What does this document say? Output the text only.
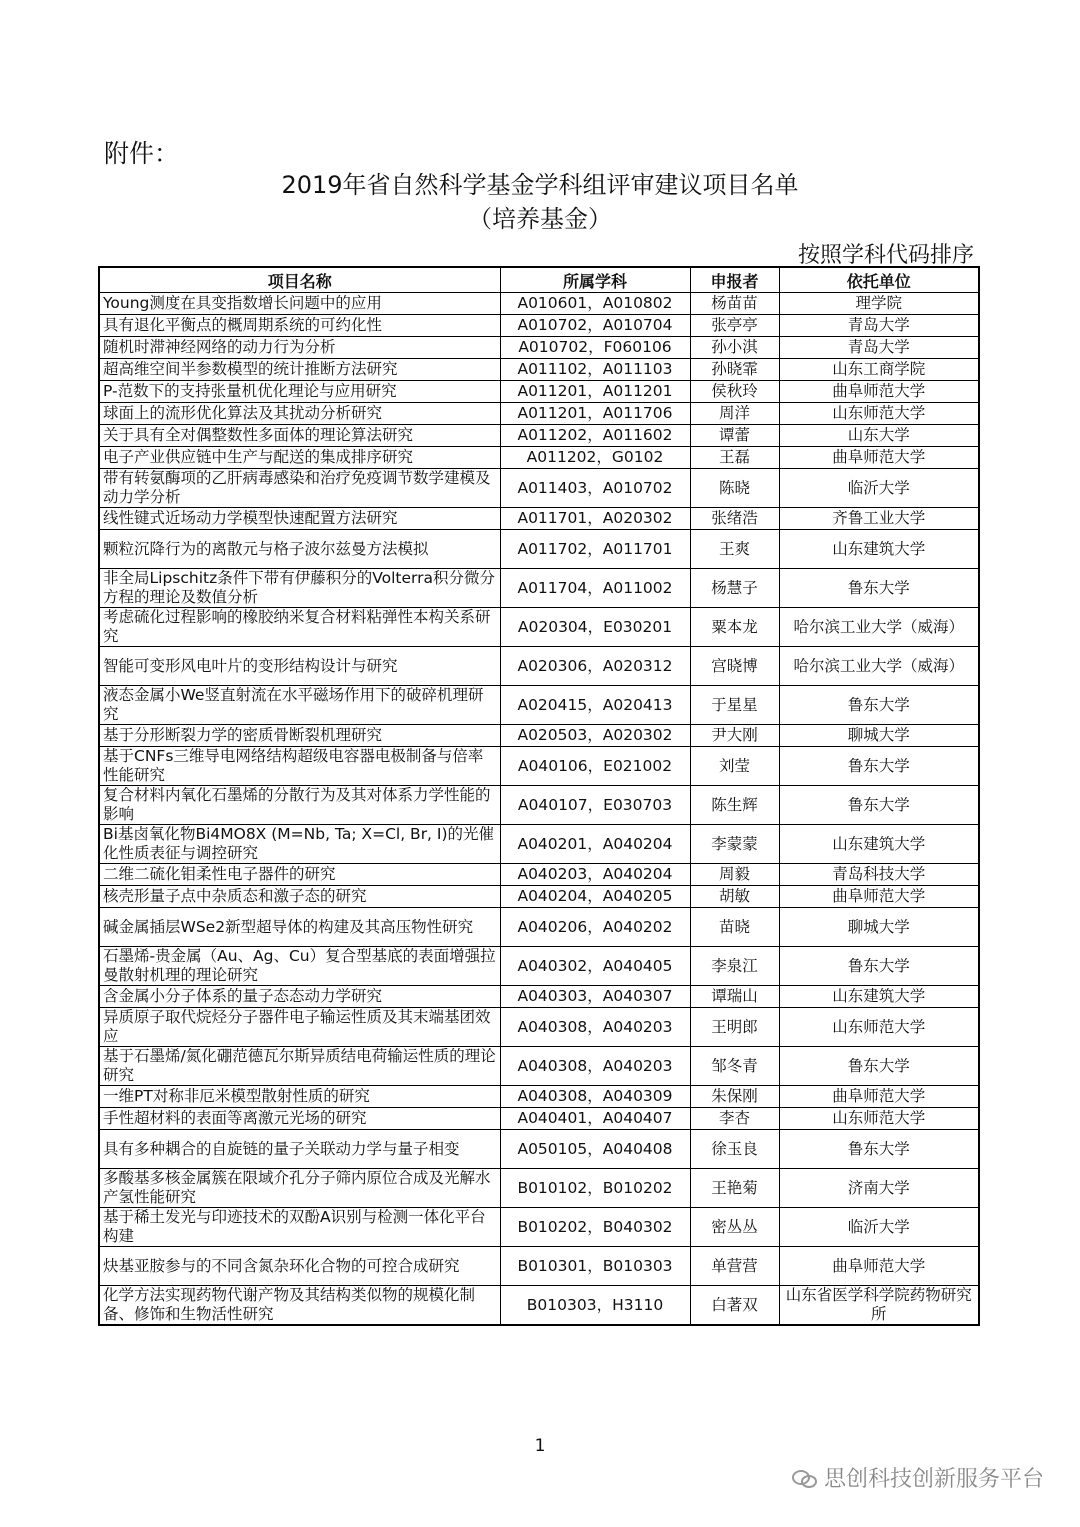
附件：
2019年省自然科学基金学科组评审建议项目名单
（培养基金）
按照学科代码排序
项目名称	所属学科	申报者	依托单位
Young测度在具变指数增长问题中的应用	A010601，A010802	杨苗苗	理学院
具有退化平衡点的概周期系统的可约化性	A010702，A010704	张亭亭	青岛大学
随机时滞神经网络的动力行为分析	A010702，F060106	孙小淇	青岛大学
超高维空间半参数模型的统计推断方法研究	A011102，A011103	孙晓霏	山东工商学院
P-范数下的支持张量机优化理论与应用研究	A011201，A011201	侯秋玲	曲阜师范大学
球面上的流形优化算法及其扰动分析研究	A011201，A011706	周洋	山东师范大学
关于具有全对偶整数性多面体的理论算法研究	A011202，A011602	谭蕾	山东大学
电子产业供应链中生产与配送的集成排序研究	A011202，G0102	王磊	曲阜师范大学
带有转氨酶项的乙肝病毒感染和治疗免疫调节数学建模及动力学分析	A011403，A010702	陈晓	临沂大学
线性键式近场动力学模型快速配置方法研究	A011701，A020302	张绪浩	齐鲁工业大学
颗粒沉降行为的离散元与格子波尔兹曼方法模拟	A011702，A011701	王爽	山东建筑大学
非全局Lipschitz条件下带有伊藤积分的Volterra积分微分方程的理论及数值分析	A011704，A011002	杨慧子	鲁东大学
考虑硫化过程影响的橡胶纳米复合材料粘弹性本构关系研究	A020304，E030201	粟本龙	哈尔滨工业大学（威海）
智能可变形风电叶片的变形结构设计与研究	A020306，A020312	宫晓博	哈尔滨工业大学（威海）
液态金属小We竖直射流在水平磁场作用下的破碎机理研究	A020415，A020413	于星星	鲁东大学
基于分形断裂力学的密质骨断裂机理研究	A020503，A020302	尹大刚	聊城大学
基于CNFs三维导电网络结构超级电容器电极制备与倍率性能研究	A040106，E021002	刘莹	鲁东大学
复合材料内氧化石墨烯的分散行为及其对体系力学性能的影响	A040107，E030703	陈生辉	鲁东大学
Bi基卤氧化物Bi4MO8X (M=Nb, Ta; X=Cl, Br, I)的光催化性质表征与调控研究	A040201，A040204	李蒙蒙	山东建筑大学
二维二硫化钼柔性电子器件的研究	A040203，A040204	周毅	青岛科技大学
核壳形量子点中杂质态和激子态的研究	A040204，A040205	胡敏	曲阜师范大学
碱金属插层WSe2新型超导体的构建及其高压物性研究	A040206，A040202	苗晓	聊城大学
石墨烯-贵金属（Au、Ag、Cu）复合型基底的表面增强拉曼散射机理的理论研究	A040302，A040405	李泉江	鲁东大学
含金属小分子体系的量子态态动力学研究	A040303，A040307	谭瑞山	山东建筑大学
异质原子取代烷烃分子器件电子输运性质及其末端基团效应	A040308，A040203	王明郎	山东师范大学
基于石墨烯/氮化硼范德瓦尔斯异质结电荷输运性质的理论研究	A040308，A040203	邹冬青	鲁东大学
一维PT对称非厄米模型散射性质的研究	A040308，A040309	朱保刚	曲阜师范大学
手性超材料的表面等离激元光场的研究	A040401，A040407	李杏	山东师范大学
具有多种耦合的自旋链的量子关联动力学与量子相变	A050105，A040408	徐玉良	鲁东大学
多酸基多核金属簇在限域介孔分子筛内原位合成及光解水产氢性能研究	B010102，B010202	王艳菊	济南大学
基于稀土发光与印迹技术的双酚A识别与检测一体化平台构建	B010202，B040302	密丛丛	临沂大学
炔基亚胺参与的不同含氮杂环化合物的可控合成研究	B010301，B010303	单营营	曲阜师范大学
化学方法实现药物代谢产物及其结构类似物的规模化制备、修饰和生物活性研究	B010303，H3110	白著双	山东省医学科学院药物研究所
1
思创科技创新服务平台
